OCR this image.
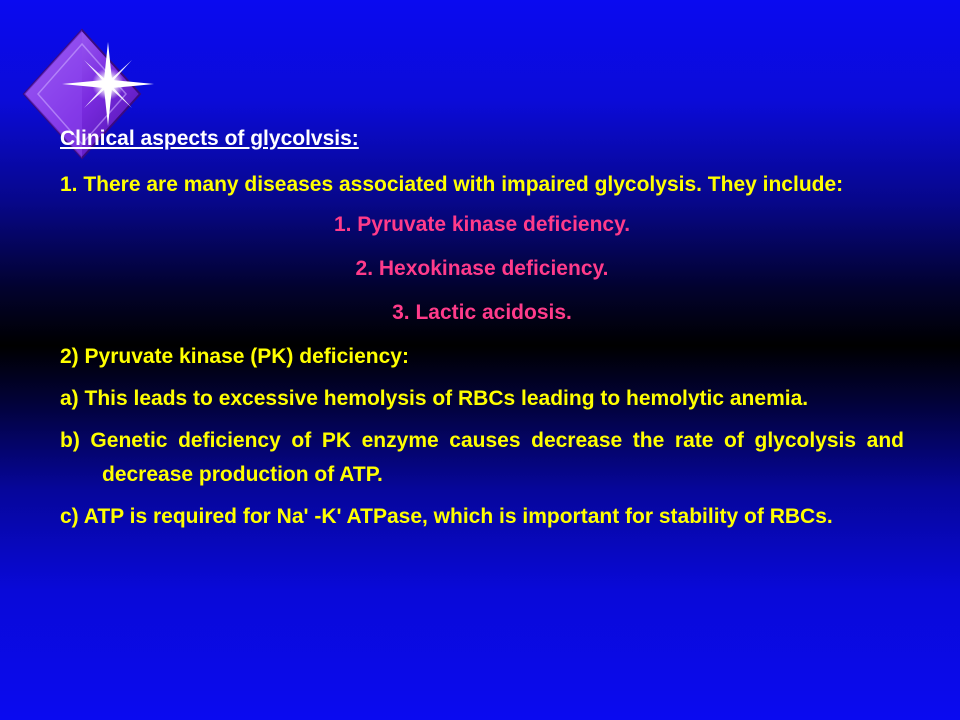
Clinical aspects of glycolvsis:
1. There are many diseases associated with impaired glycolysis. They include:
1. Pyruvate kinase deficiency.
2. Hexokinase deficiency.
3. Lactic acidosis.
2) Pyruvate kinase (PK) deficiency:
a) This leads to excessive hemolysis of RBCs leading to hemolytic anemia.
b) Genetic deficiency of PK enzyme causes decrease the rate of glycolysis and decrease production of ATP.
c) ATP is required for Na' -K' ATPase, which is important for stability of RBCs.
